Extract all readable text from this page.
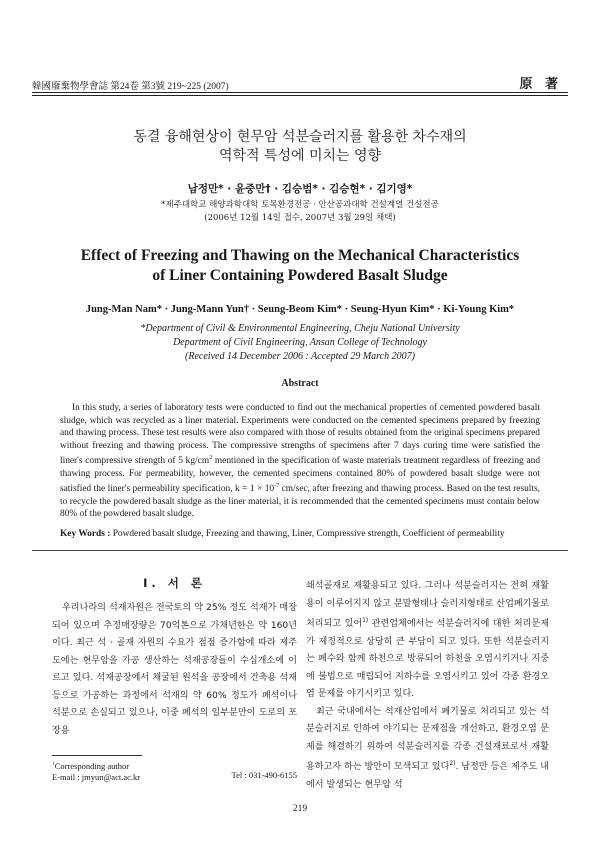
韓國廢棄物學會誌 第24卷 第3號 219~225 (2007)	原 著
동결 융해현상이 현무암 석분슬러지를 활용한 차수재의
역학적 특성에 미치는 영향
남정만* · 윤중만† · 김승범* · 김승현* · 김기영*
*제주대학교 해양과학대학 토목환경전공 · 안산공과대학 건설계열 건설전공
(2006년 12월 14일 접수, 2007년 3월 29일 채택)
Effect of Freezing and Thawing on the Mechanical Characteristics
of Liner Containing Powdered Basalt Sludge
Jung-Man Nam* · Jung-Mann Yun† · Seung-Beom Kim* · Seung-Hyun Kim* · Ki-Young Kim*
*Department of Civil & Environmental Engineering, Cheju National University
Department of Civil Engineering, Ansan College of Technology
(Received 14 December 2006 : Accepted 29 March 2007)
Abstract
In this study, a series of laboratory tests were conducted to find out the mechanical properties of cemented powdered basalt sludge, which was recycled as a liner material. Experiments were conducted on the cemented specimens prepared by freezing and thawing process. These test results were also compared with those of results obtained from the original specimens prepared without freezing and thawing process. The compressive strengths of specimens after 7 days curing time were satisfied the liner's compressive strength of 5 $kg/cm^2$ mentioned in the specification of waste materials treatment regardless of freezing and thawing process. For permeability, however, the cemented specimens contained 80% of powdered basalt sludge were not satisfied the liner's permeability specification, $k = 1 \times 10^{-7}$ cm/sec, after freezing and thawing process. Based on the test results, to recycle the powdered basalt sludge as the liner material, it is recommended that the cemented specimens must contain below 80% of the powdered basalt sludge.
Key Words : Powdered basalt sludge, Freezing and thawing, Liner, Compressive strength, Coefficient of permeability
I. 서 론
우리나라의 석재자원은 전국토의 약 25% 정도 석재가 매장되어 있으며 추정매장량은 70억톤으로 가채년한은 약 160년이다. 최근 석 · 골재 자원의 수요가 점점 증가함에 따라 제주도에는 현무암을 가공 생산하는 석재공장들이 수십개소에 이르고 있다. 석재공장에서 채굴된 원석을 공장에서 건축용 석재 등으로 가공하는 과정에서 석재의 약 60% 정도가 폐석이나 석분으로 손실되고 있으나, 이중 폐석의 일부분만이 도로의 포장용

쇄석골재로 재활용되고 있다. 그러나 석분슬러지는 전혀 재활용이 이루어지지 않고 분말형태나 슬러지형태로 산업폐기물로 처리되고 있어$^{1)}$ 관련업체에서는 석분슬러지에 대한 처리문제가 제정적으로 상당히 큰 부담이 되고 있다. 또한 석분슬러지는 폐수와 함께 하천으로 방류되어 하천을 오염시키거나 지중에 불법으로 매립되어 지하수를 오염시키고 있어 각종 환경오염 문제를 야기시키고 있다.

최근 국내에서는 석재산업에서 폐기물로 처리되고 있는 석분슬러지로 인하여 야기되는 문제점을 개선하고, 환경오염 문제를 해결하기 위하여 석분슬러지를 각종 건설재료로서 재활용하고자 하는 방안이 모색되고 있다$^{2)}$. 남정만 등은 제주도 내에서 발생되는 현무암 석

†Corresponding author
E-mail : jmyun@act.ac.kr	Tel : 031-490-6155
219
